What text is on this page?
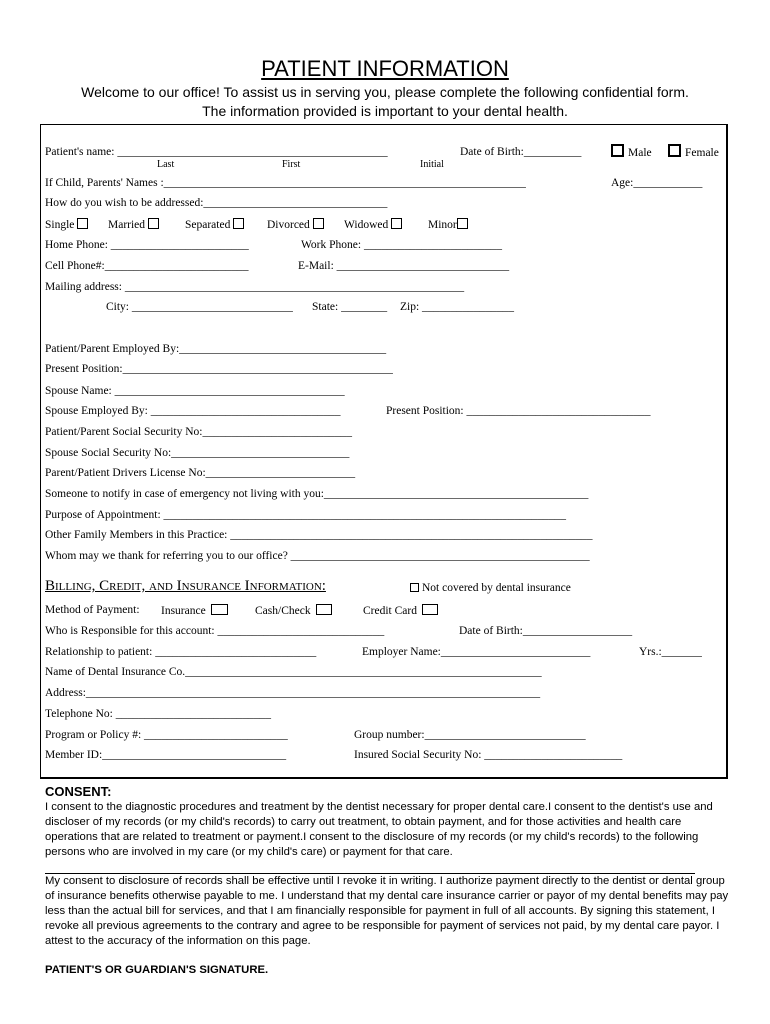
PATIENT INFORMATION
Welcome to our office! To assist us in serving you, please complete the following confidential form.
The information provided is important to your dental health.
Patient's name: _______________________________________________
Last	First	Initial
Date of Birth:__________	Male	Female
If Child, Parents' Names :_______________________________________________________________	Age:____________
How do you wish to be addressed:________________________________
Single	Married	Separated	Divorced	Widowed	Minor
Home Phone: ________________________	Work Phone: ________________________
Cell Phone#:_________________________	E-Mail: ______________________________
Mailing address: ___________________________________________________________
City: ____________________________ State: ________ Zip: ________________
Patient/Parent Employed By:____________________________________
Present Position:_______________________________________________
Spouse Name: ________________________________________
Spouse Employed By: _________________________________	Present Position: ________________________________
Patient/Parent Social Security No:__________________________
Spouse Social Security No:_______________________________
Parent/Patient Drivers License No:__________________________
Someone to notify in case of emergency not living with you:______________________________________________
Purpose of Appointment: ______________________________________________________________________
Other Family Members in this Practice: _______________________________________________________________
Whom may we thank for referring you to our office? ____________________________________________________
Billing, Credit, and Insurance Information:	Not covered by dental insurance
Method of Payment: Insurance	Cash/Check	Credit Card
Who is Responsible for this account: _____________________________	Date of Birth:___________________
Relationship to patient: ____________________________	Employer Name:__________________________	Yrs.:_______
Name of Dental Insurance Co.______________________________________________________________
Address:_______________________________________________________________________________
Telephone No: ___________________________
Program or Policy #: _________________________	Group number:____________________________
Member ID:________________________________	Insured Social Security No: ________________________
CONSENT:
I consent to the diagnostic procedures and treatment by the dentist necessary for proper dental care.I consent to the dentist's use and discloser of my records (or my child's records) to carry out treatment, to obtain payment, and for those activities and health care operations that are related to treatment or payment.I consent to the disclosure of my records (or my child's records) to the following persons who are involved in my care (or my child's care) or payment for that care.
My consent to disclosure of records shall be effective until I revoke it in writing. I authorize payment directly to the dentist or dental group of insurance benefits otherwise payable to me. I understand that my dental care insurance carrier or payor of my dental benefits may pay less than the actual bill for services, and that I am financially responsible for payment in full of all accounts. By signing this statement, I revoke all previous agreements to the contrary and agree to be responsible for payment of services not paid, by my dental care payor. I attest to the accuracy of the information on this page.
PATIENT'S OR GUARDIAN'S SIGNATURE.
